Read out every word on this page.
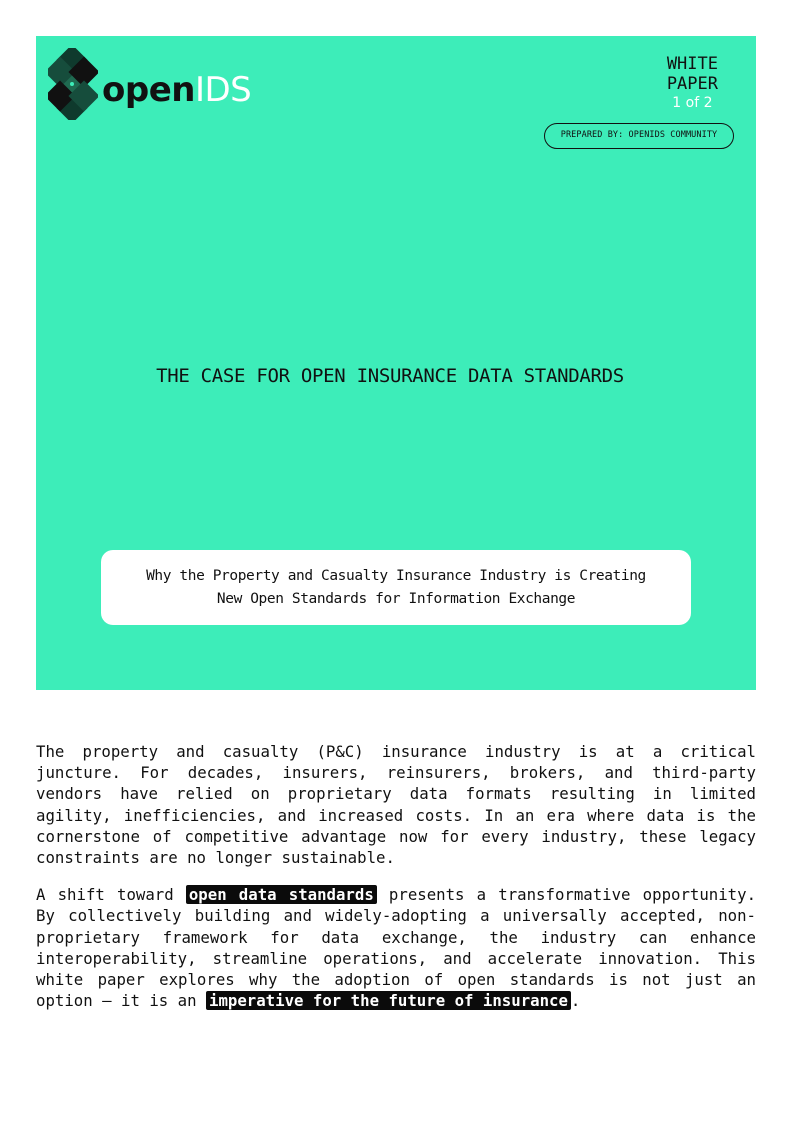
openIDS
WHITE
PAPER
1 of 2
PREPARED BY: OPENIDS COMMUNITY
THE CASE FOR OPEN INSURANCE DATA STANDARDS
Why the Property and Casualty Insurance Industry is Creating
New Open Standards for Information Exchange

The property and casualty (P&C) insurance industry is at a critical juncture. For decades, insurers, reinsurers, brokers, and third-party vendors have relied on proprietary data formats resulting in limited agility, inefficiencies, and increased costs. In an era where data is the cornerstone of competitive advantage now for every industry, these legacy constraints are no longer sustainable.

A shift toward open data standards presents a transformative opportunity. By collectively building and widely-adopting a universally accepted, non-proprietary framework for data exchange, the industry can enhance interoperability, streamline operations, and accelerate innovation. This white paper explores why the adoption of open standards is not just an option – it is an imperative for the future of insurance .
